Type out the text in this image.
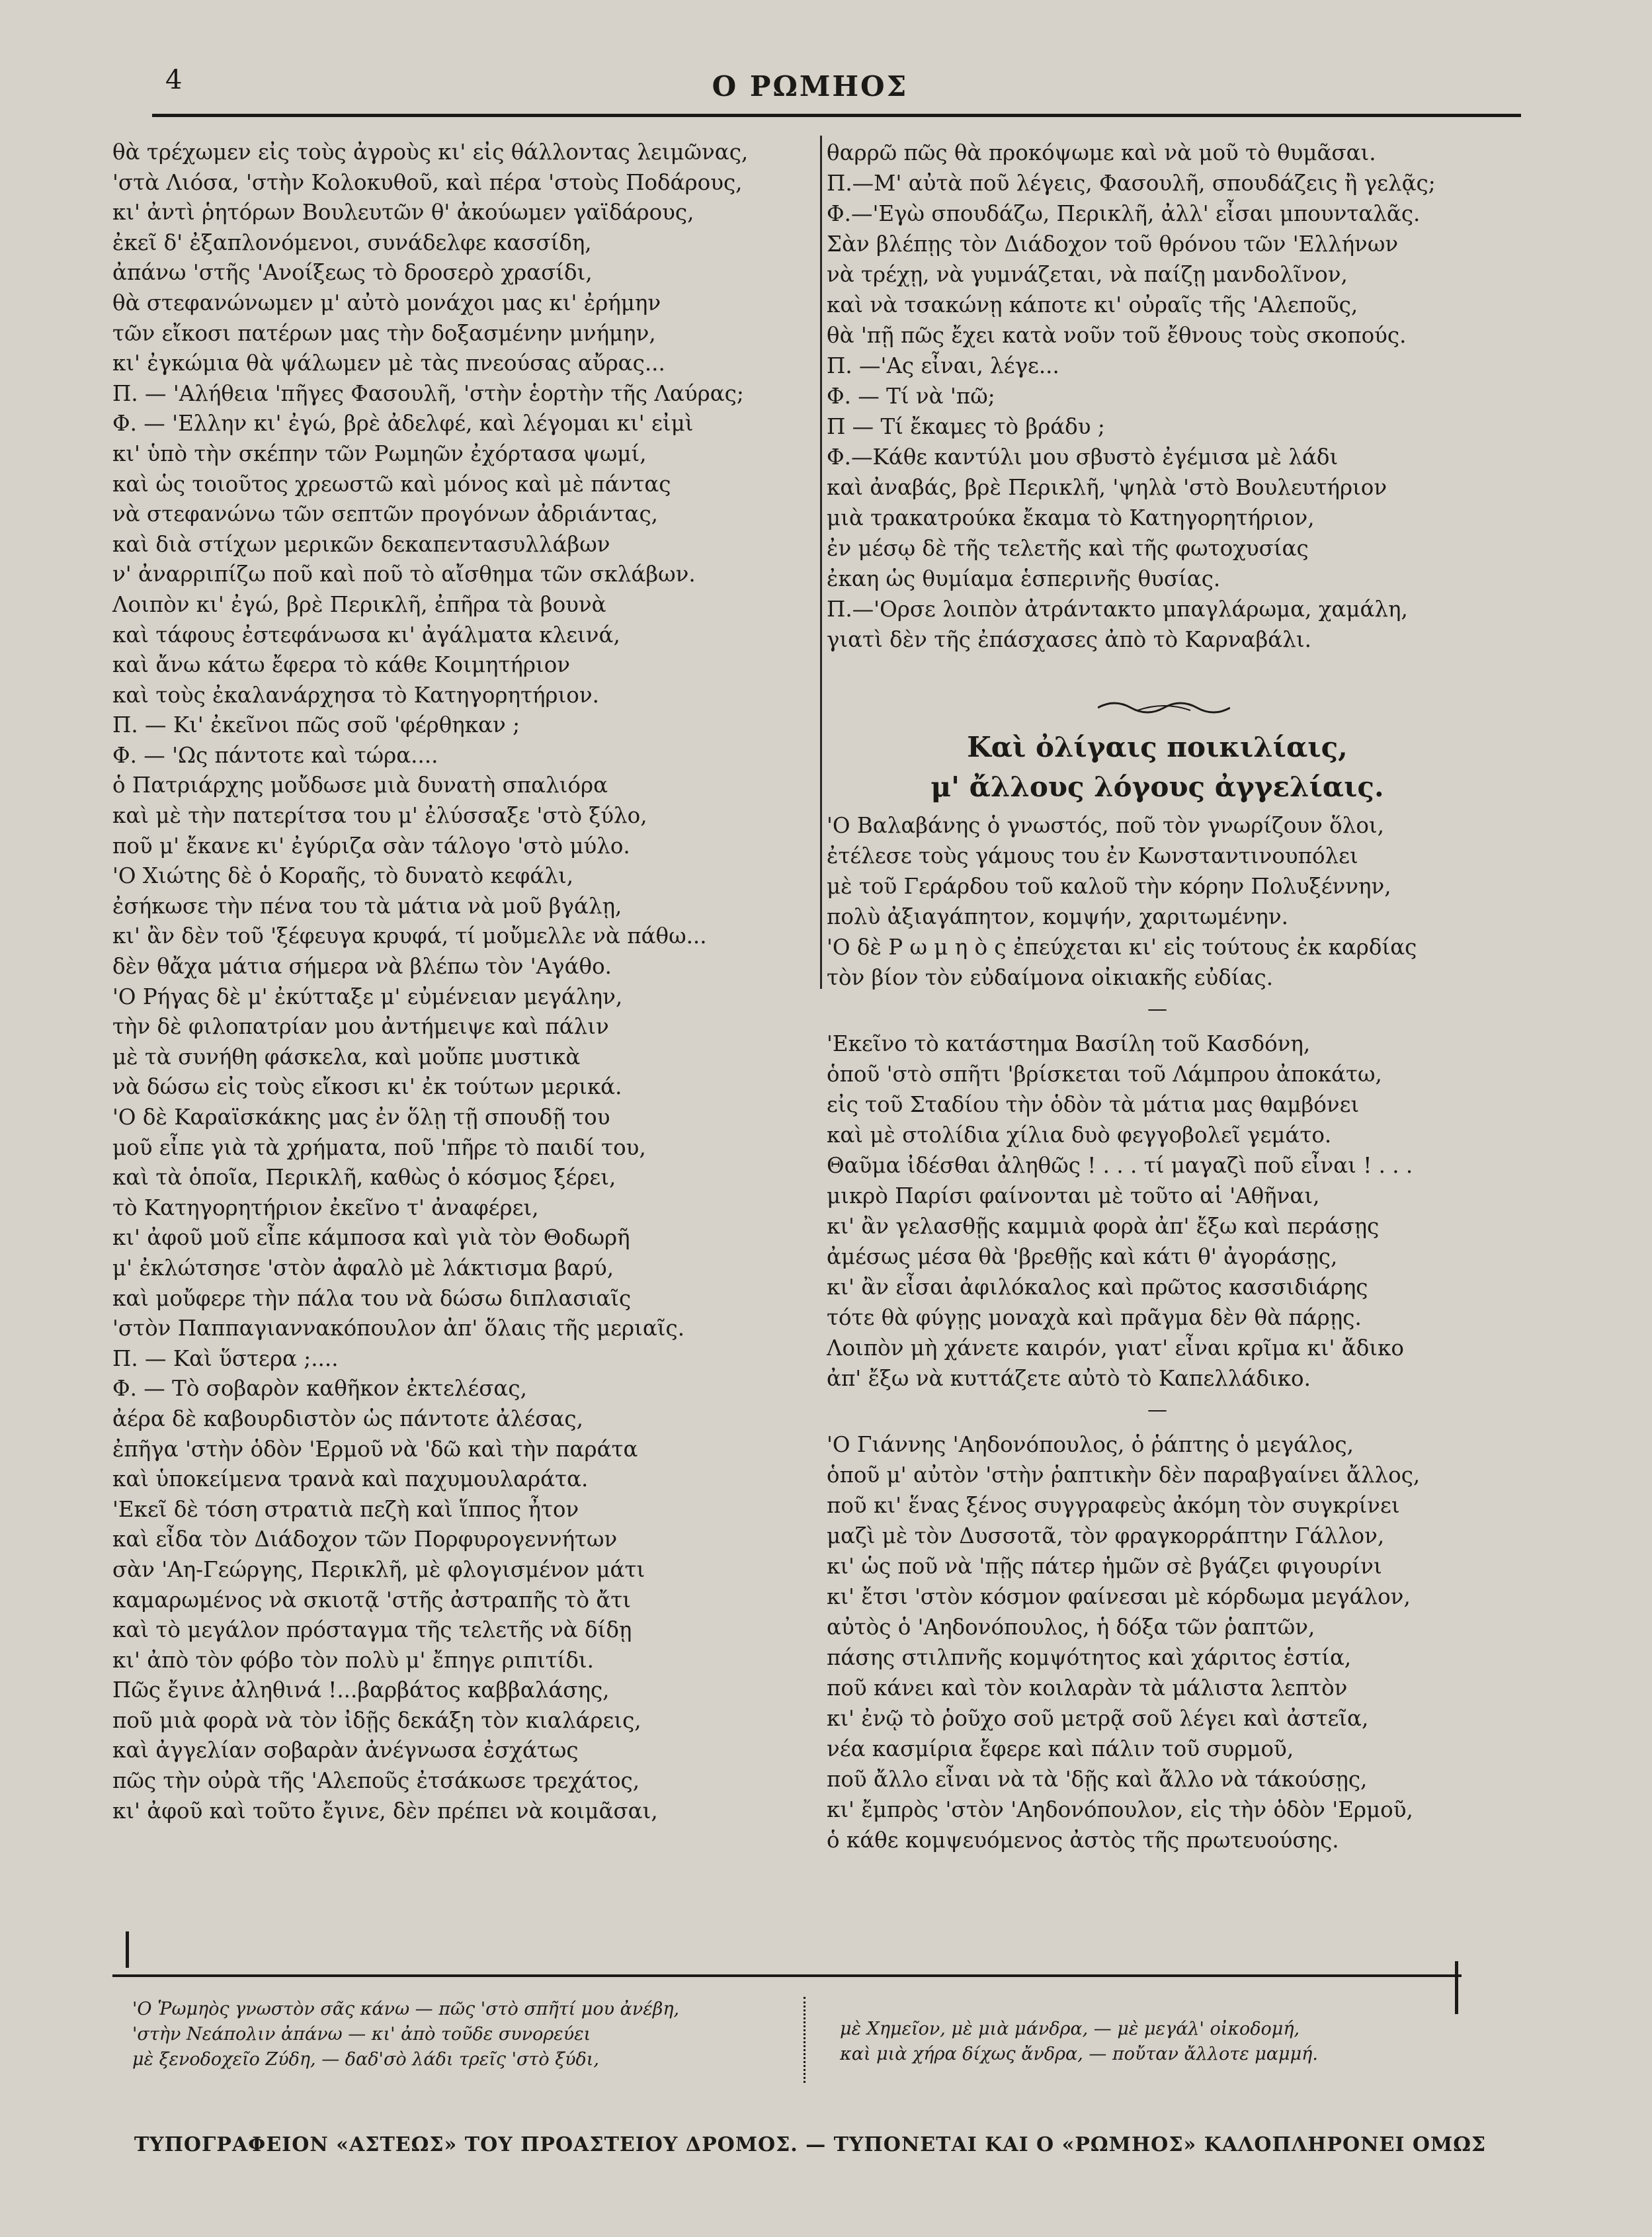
4	Ο ΡΩΜΗΟΣ
θὰ τρέχωμεν εἰς τοὺς ἀγροὺς κι' εἰς θάλλοντας λειμῶνας,
'στὰ Λιόσα, 'στὴν Κολοκυθοῦ, καὶ πέρα 'στοὺς Ποδάρους,
κι' ἀντὶ ῥητόρων Βουλευτῶν θ' ἀκούωμεν γαϊδάρους,
ἐκεῖ δ' ἐξαπλονόμενοι, συνάδελφε κασσίδη,
ἀπάνω 'στῆς 'Ανοίξεως τὸ δροσερὸ χρασίδι,
θὰ στεφανώνωμεν μ' αὐτὸ μονάχοι μας κι' ἐρήμην
τῶν εἴκοσι πατέρων μας τὴν δοξασμένην μνήμην,
κι' ἐγκώμια θὰ ψάλωμεν μὲ τὰς πνεούσας αὔρας...
Π. — 'Αλήθεια 'πῆγες Φασουλῆ, 'στὴν ἑορτὴν τῆς Λαύρας;
Φ. — 'Ελλην κι' ἐγώ, βρὲ ἀδελφέ, καὶ λέγομαι κι' εἰμὶ
κι' ὑπὸ τὴν σκέπην τῶν Ρωμηῶν ἐχόρτασα ψωμί,
καὶ ὡς τοιοῦτος χρεωστῶ καὶ μόνος καὶ μὲ πάντας
νὰ στεφανώνω τῶν σεπτῶν προγόνων ἀδριάντας,
καὶ διὰ στίχων μερικῶν δεκαπεντασυλλάβων
ν' ἀναρριπίζω ποῦ καὶ ποῦ τὸ αἴσθημα τῶν σκλάβων.
Λοιπὸν κι' ἐγώ, βρὲ Περικλῆ, ἐπῆρα τὰ βουνὰ
καὶ τάφους ἐστεφάνωσα κι' ἀγάλματα κλεινά,
καὶ ἄνω κάτω ἔφερα τὸ κάθε Κοιμητήριον
καὶ τοὺς ἐκαλανάρχησα τὸ Κατηγορητήριον.
Π. — Κι' ἐκεῖνοι πῶς σοῦ 'φέρθηκαν ;
Φ. — 'Ως πάντοτε καὶ τώρα....
ὁ Πατριάρχης μοὔδωσε μιὰ δυνατὴ σπαλιόρα
καὶ μὲ τὴν πατερίτσα του μ' ἐλύσσαξε 'στὸ ξύλο,
ποῦ μ' ἔκανε κι' ἐγύριζα σὰν τάλογο 'στὸ μύλο.
'Ο Χιώτης δὲ ὁ Κοραῆς, τὸ δυνατὸ κεφάλι,
ἐσήκωσε τὴν πένα του τὰ μάτια νὰ μοῦ βγάλῃ,
κι' ἂν δὲν τοῦ 'ξέφευγα κρυφά, τί μοὔμελλε νὰ πάθω...
δὲν θἄχα μάτια σήμερα νὰ βλέπω τὸν 'Αγάθο.
'Ο Ρήγας δὲ μ' ἐκύτταξε μ' εὐμένειαν μεγάλην,
τὴν δὲ φιλοπατρίαν μου ἀντήμειψε καὶ πάλιν
μὲ τὰ συνήθη φάσκελα, καὶ μοὔπε μυστικὰ
νὰ δώσω εἰς τοὺς εἴκοσι κι' ἐκ τούτων μερικά.
'Ο δὲ Καραϊσκάκης μας ἐν ὅλῃ τῇ σπουδῇ του
μοῦ εἶπε γιὰ τὰ χρήματα, ποῦ 'πῆρε τὸ παιδί του,
καὶ τὰ ὁποῖα, Περικλῆ, καθὼς ὁ κόσμος ξέρει,
τὸ Κατηγορητήριον ἐκεῖνο τ' ἀναφέρει,
κι' ἀφοῦ μοῦ εἶπε κάμποσα καὶ γιὰ τὸν Θοδωρῆ
μ' ἐκλώτσησε 'στὸν ἀφαλὸ μὲ λάκτισμα βαρύ,
καὶ μοὔφερε τὴν πάλα του νὰ δώσω διπλασιαῖς
'στὸν Παππαγιαννακόπουλον ἀπ' ὅλαις τῆς μεριαῖς.
Π. — Καὶ ὕστερα ;....
Φ. — Τὸ σοβαρὸν καθῆκον ἐκτελέσας,
ἀέρα δὲ καβουρδιστὸν ὡς πάντοτε ἀλέσας,
ἐπῆγα 'στὴν ὁδὸν 'Ερμοῦ νὰ 'δῶ καὶ τὴν παράτα
καὶ ὑποκείμενα τρανὰ καὶ παχυμουλαράτα.
'Εκεῖ δὲ τόση στρατιὰ πεζὴ καὶ ἵππος ἦτον
καὶ εἶδα τὸν Διάδοχον τῶν Πορφυρογεννήτων
σὰν 'Αη-Γεώργης, Περικλῆ, μὲ φλογισμένον μάτι
καμαρωμένος νὰ σκιοτᾷ 'στῆς ἀστραπῆς τὸ ἄτι
καὶ τὸ μεγάλον πρόσταγμα τῆς τελετῆς νὰ δίδῃ
κι' ἀπὸ τὸν φόβο τὸν πολὺ μ' ἔπηγε ριπιτίδι.
Πῶς ἔγινε ἀληθινά !...βαρβάτος καββαλάσης,
ποῦ μιὰ φορὰ νὰ τὸν ἰδῇς δεκάξη τὸν κιαλάρεις,
καὶ ἀγγελίαν σοβαρὰν ἀνέγνωσα ἐσχάτως
πῶς τὴν οὐρὰ τῆς 'Αλεποῦς ἐτσάκωσε τρεχάτος,
κι' ἀφοῦ καὶ τοῦτο ἔγινε, δὲν πρέπει νὰ κοιμᾶσαι,
θαρρῶ πῶς θὰ προκόψωμε καὶ νὰ μοῦ τὸ θυμᾶσαι.
Π.—Μ' αὐτὰ ποῦ λέγεις, Φασουλῆ, σπουδάζεις ἢ γελᾷς;
Φ.—'Εγὼ σπουδάζω, Περικλῆ, ἀλλ' εἶσαι μπουνταλᾶς.
Σὰν βλέπῃς τὸν Διάδοχον τοῦ θρόνου τῶν 'Ελλήνων
νὰ τρέχῃ, νὰ γυμνάζεται, νὰ παίζῃ μανδολῖνον,
καὶ νὰ τσακώνῃ κάποτε κι' οὐραῖς τῆς 'Αλεποῦς,
θὰ 'πῇ πῶς ἔχει κατὰ νοῦν τοῦ ἔθνους τοὺς σκοπούς.
Π. —'Ας εἶναι, λέγε...
Φ. — Τί νὰ 'πῶ;
Π — Τί ἔκαμες τὸ βράδυ ;
Φ.—Κάθε καντύλι μου σβυστὸ ἐγέμισα μὲ λάδι
καὶ ἀναβάς, βρὲ Περικλῆ, 'ψηλὰ 'στὸ Βουλευτήριον
μιὰ τρακατρούκα ἔκαμα τὸ Κατηγορητήριον,
ἐν μέσῳ δὲ τῆς τελετῆς καὶ τῆς φωτοχυσίας
ἐκαη ὡς θυμίαμα ἑσπερινῆς θυσίας.
Π.—'Ορσε λοιπὸν ἀτράντακτο μπαγλάρωμα, χαμάλη,
γιατὶ δὲν τῆς ἐπάσχασες ἀπὸ τὸ Καρναβάλι.
Καὶ ὀλίγαις ποικιλίαις,
μ' ἄλλους λόγους ἀγγελίαις.
'Ο Βαλαβάνης ὁ γνωστός, ποῦ τὸν γνωρίζουν ὅλοι,
ἐτέλεσε τοὺς γάμους του ἐν Κωνσταντινουπόλει
μὲ τοῦ Γεράρδου τοῦ καλοῦ τὴν κόρην Πολυξέννην,
πολὺ ἀξιαγάπητον, κομψήν, χαριτωμένην.
'Ο δὲ Ρ ω μ η ὸ ς ἐπεύχεται κι' εἰς τούτους ἐκ καρδίας
τὸν βίον τὸν εὐδαίμονα οἰκιακῆς εὐδίας.
—
'Εκεῖνο τὸ κατάστημα Βασίλη τοῦ Κασδόνη,
ὁποῦ 'στὸ σπῆτι 'βρίσκεται τοῦ Λάμπρου ἀποκάτω,
εἰς τοῦ Σταδίου τὴν ὁδὸν τὰ μάτια μας θαμβόνει
καὶ μὲ στολίδια χίλια δυὸ φεγγοβολεῖ γεμάτο.
Θαῦμα ἰδέσθαι ἀληθῶς ! . . . τί μαγαζὶ ποῦ εἶναι ! . . .
μικρὸ Παρίσι φαίνονται μὲ τοῦτο αἱ 'Αθῆναι,
κι' ἂν γελασθῇς καμμιὰ φορὰ ἀπ' ἔξω καὶ περάσῃς
ἀμέσως μέσα θὰ 'βρεθῇς καὶ κάτι θ' ἀγοράσῃς,
κι' ἂν εἶσαι ἀφιλόκαλος καὶ πρῶτος κασσιδιάρης
τότε θὰ φύγῃς μοναχὰ καὶ πρᾶγμα δὲν θὰ πάρῃς.
Λοιπὸν μὴ χάνετε καιρόν, γιατ' εἶναι κρῖμα κι' ἄδικο
ἀπ' ἔξω νὰ κυττάζετε αὐτὸ τὸ Καπελλάδικο.
—
'Ο Γιάννης 'Αηδονόπουλος, ὁ ῥάπτης ὁ μεγάλος,
ὁποῦ μ' αὐτὸν 'στὴν ῥαπτικὴν δὲν παραβγαίνει ἄλλος,
ποῦ κι' ἕνας ξένος συγγραφεὺς ἀκόμη τὸν συγκρίνει
μαζὶ μὲ τὸν Δυσσοτᾶ, τὸν φραγκορράπτην Γάλλον,
κι' ὡς ποῦ νὰ 'πῇς πάτερ ἡμῶν σὲ βγάζει φιγουρίνι
κι' ἔτσι 'στὸν κόσμον φαίνεσαι μὲ κόρδωμα μεγάλον,
αὐτὸς ὁ 'Αηδονόπουλος, ἡ δόξα τῶν ῥαπτῶν,
πάσης στιλπνῆς κομψότητος καὶ χάριτος ἑστία,
ποῦ κάνει καὶ τὸν κοιλαρὰν τὰ μάλιστα λεπτὸν
κι' ἐνῷ τὸ ῥοῦχο σοῦ μετρᾷ σοῦ λέγει καὶ ἀστεῖα,
νέα κασμίρια ἔφερε καὶ πάλιν τοῦ συρμοῦ,
ποῦ ἄλλο εἶναι νὰ τὰ 'δῇς καὶ ἄλλο νὰ τάκούσῃς,
κι' ἔμπρὸς 'στὸν 'Αηδονόπουλον, εἰς τὴν ὁδὸν 'Ερμοῦ,
ὁ κάθε κομψευόμενος ἀστὸς τῆς πρωτευούσης.
'Ο Ῥωμηὸς γνωστὸν σᾶς κάνω — πῶς 'στὸ σπῆτί μου ἀνέβη,
'στὴν Νεάπολιν ἀπάνω — κι' ἀπὸ τοῦδε συνορεύει
μὲ ξενοδοχεῖο Ζύδη, — δαδ'σὸ λάδι τρεῖς 'στὸ ξύδι,
μὲ Χημεῖον, μὲ μιὰ μάνδρα, — μὲ μεγάλ' οἰκοδομή,
καὶ μιὰ χήρα δίχως ἄνδρα, — ποὔταν ἄλλοτε μαμμή.
ΤΥΠΟΓΡΑΦΕΙΟΝ «ΑΣΤΕΩΣ» ΤΟΥ ΠΡΟΑΣΤΕΙΟΥ ΔΡΟΜΟΣ. — ΤΥΠΟΝΕΤΑΙ ΚΑΙ Ο «ΡΩΜΗΟΣ» ΚΑΛΟΠΛΗΡΟΝΕΙ ΟΜΩΣ
